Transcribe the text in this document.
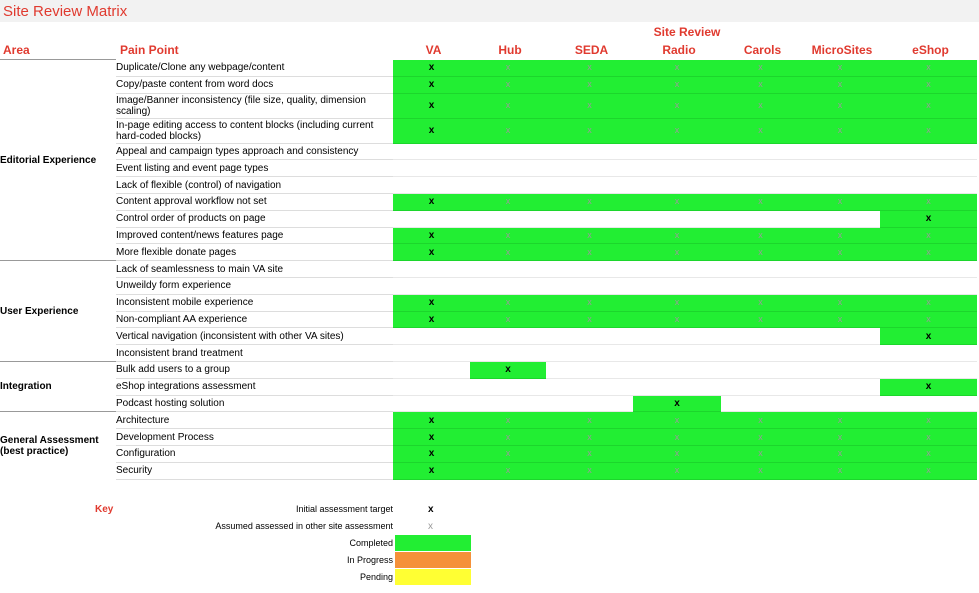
Site Review Matrix
Site Review
Area	Pain Point	VA	Hub	SEDA	Radio	Carols	MicroSites	eShop
Editorial Experience	Duplicate/Clone any webpage/content	x	x	x	x	x	x	x
	Copy/paste content from word docs	x	x	x	x	x	x	x
	Image/Banner inconsistency (file size, quality, dimension scaling)	x	x	x	x	x	x	x
	In-page editing access to content blocks (including current hard-coded blocks)	x	x	x	x	x	x	x
	Appeal and campaign types approach and consistency							
	Event listing and event page types							
	Lack of flexible (control) of navigation							
	Content approval workflow not set	x	x	x	x	x	x	x
	Control order of products on page							x
	Improved content/news features page	x	x	x	x	x	x	x
	More flexible donate pages	x	x	x	x	x	x	x
User Experience	Lack of seamlessness to main VA site							
	Unweildy form experience							
	Inconsistent mobile experience	x	x	x	x	x	x	x
	Non-compliant AA experience	x	x	x	x	x	x	x
	Vertical navigation (inconsistent with other VA sites)							x
	Inconsistent brand treatment							
Integration	Bulk add users to a group		x					
	eShop integrations assessment							x
	Podcast hosting solution				x			
General Assessment (best practice)	Architecture	x	x	x	x	x	x	x
	Development Process	x	x	x	x	x	x	x
	Configuration	x	x	x	x	x	x	x
	Security	x	x	x	x	x	x	x
Key	Initial assessment target	x
Assumed assessed in other site assessment	x
Completed
In Progress
Pending
